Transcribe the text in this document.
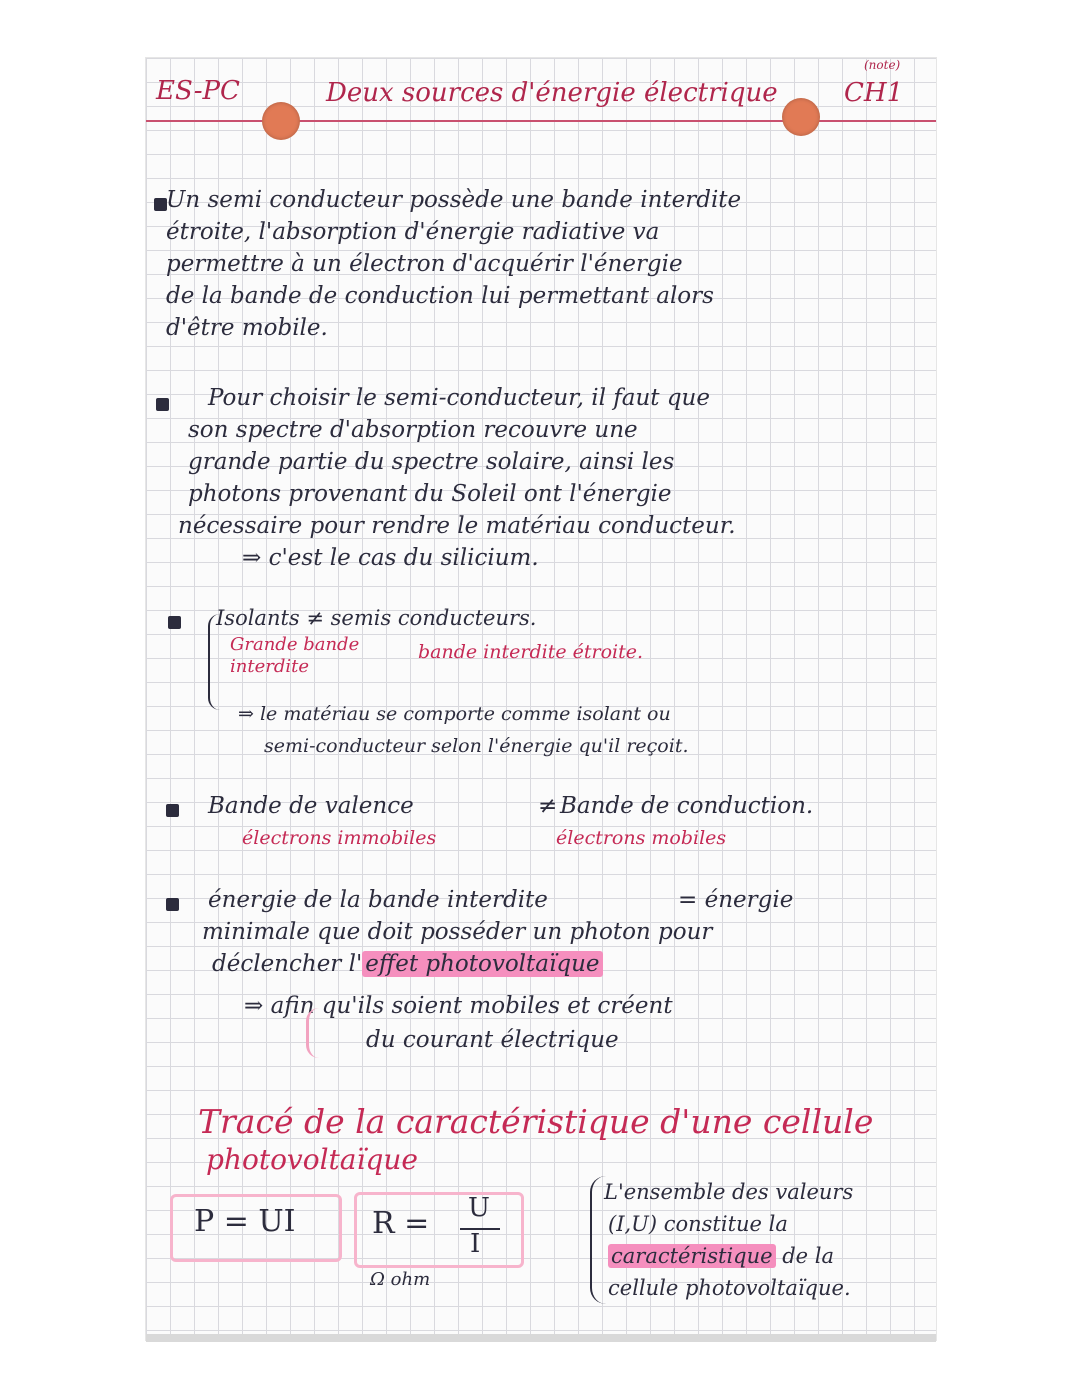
ES-PC	Deux sources d'énergie électrique	CH1
(note)
Un semi conducteur possède une bande interdite
étroite, l'absorption d'énergie radiative va
permettre à un électron d'acquérir l'énergie
de la bande de conduction lui permettant alors
d'être mobile.
Pour choisir le semi-conducteur, il faut que
son spectre d'absorption recouvre une
grande partie du spectre solaire, ainsi les
photons provenant du Soleil ont l'énergie
nécessaire pour rendre le matériau conducteur.
⇒ c'est le cas du silicium.
Isolants ≠ semis conducteurs.
Grande bande
interdite
bande interdite étroite.
⇒ le matériau se comporte comme isolant ou
semi-conducteur selon l'énergie qu'il reçoit.
Bande de valence	≠ Bande de conduction.
électrons immobiles	électrons mobiles
énergie de la bande interdite	= énergie
minimale que doit posséder un photon pour
déclencher l' effet photovoltaïque
⇒ afin qu'ils soient mobiles et créent
du courant électrique
Tracé de la caractéristique d'une cellule
photovoltaïque
P = UI	R = U
I
Ω ohm
L'ensemble des valeurs
(I,U) constitue la
caractéristique de la
cellule photovoltaïque.
